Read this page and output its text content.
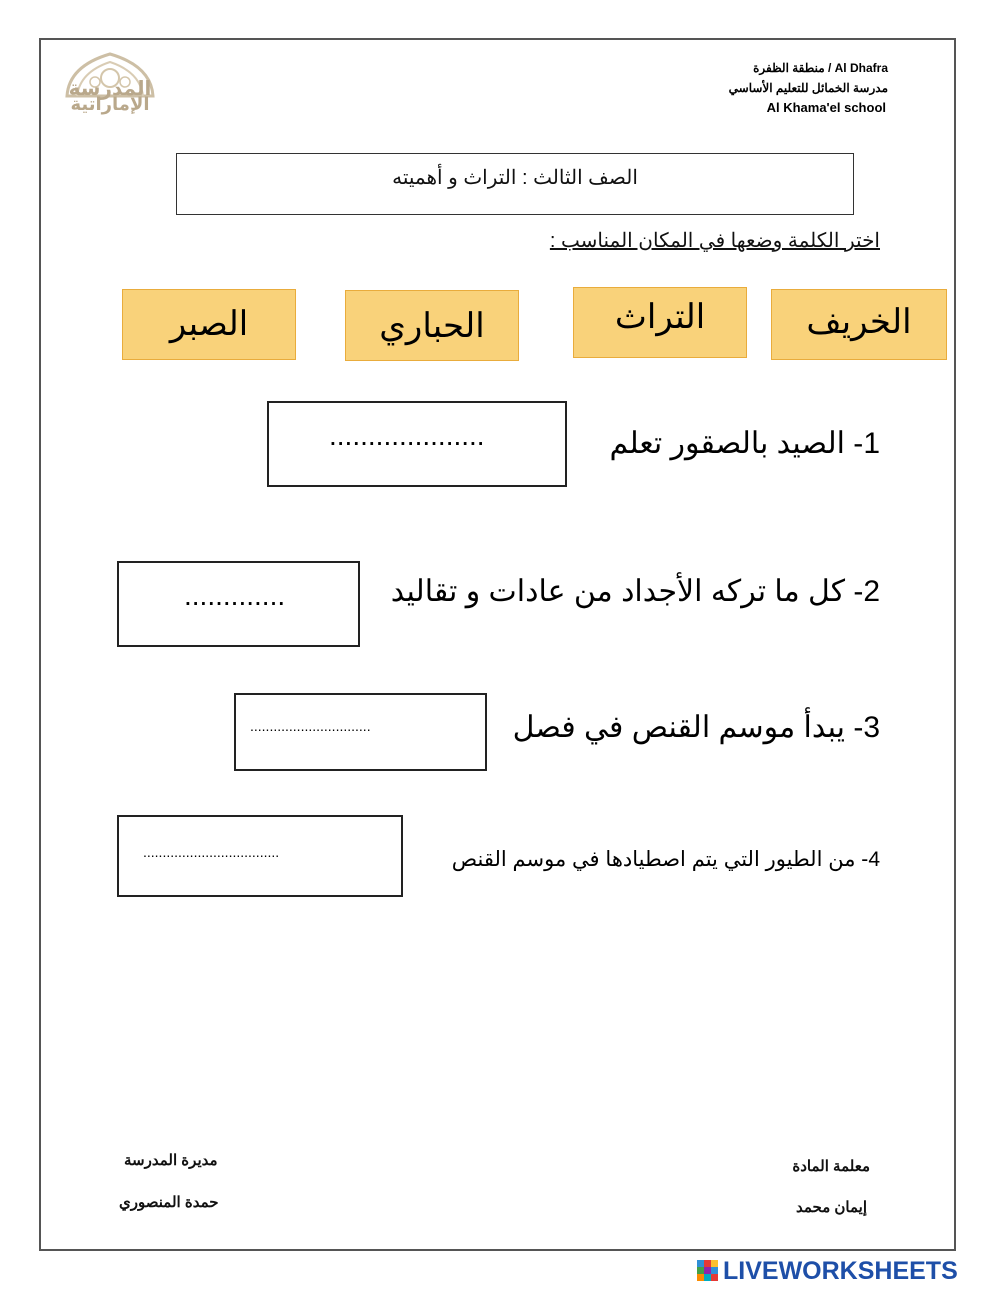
المدرسة
الإماراتية
منطقة الظفرة / Al Dhafra
مدرسة الخمائل للتعليم الأساسي
Al Khama'el school
الصف الثالث : التراث و أهميته
اختر الكلمة وضعها في المكان المناسب :
الخريف
التراث
الحباري
الصبر
1- الصيد بالصقور تعلم
....................
2- كل ما تركه الأجداد من عادات و تقاليد
.............
3- يبدأ موسم القنص في فصل
...............................
4- من الطيور التي يتم اصطيادها في موسم القنص
...................................
معلمة المادة
إيمان محمد
مديرة المدرسة
حمدة المنصوري
LIVEWORKSHEETS
